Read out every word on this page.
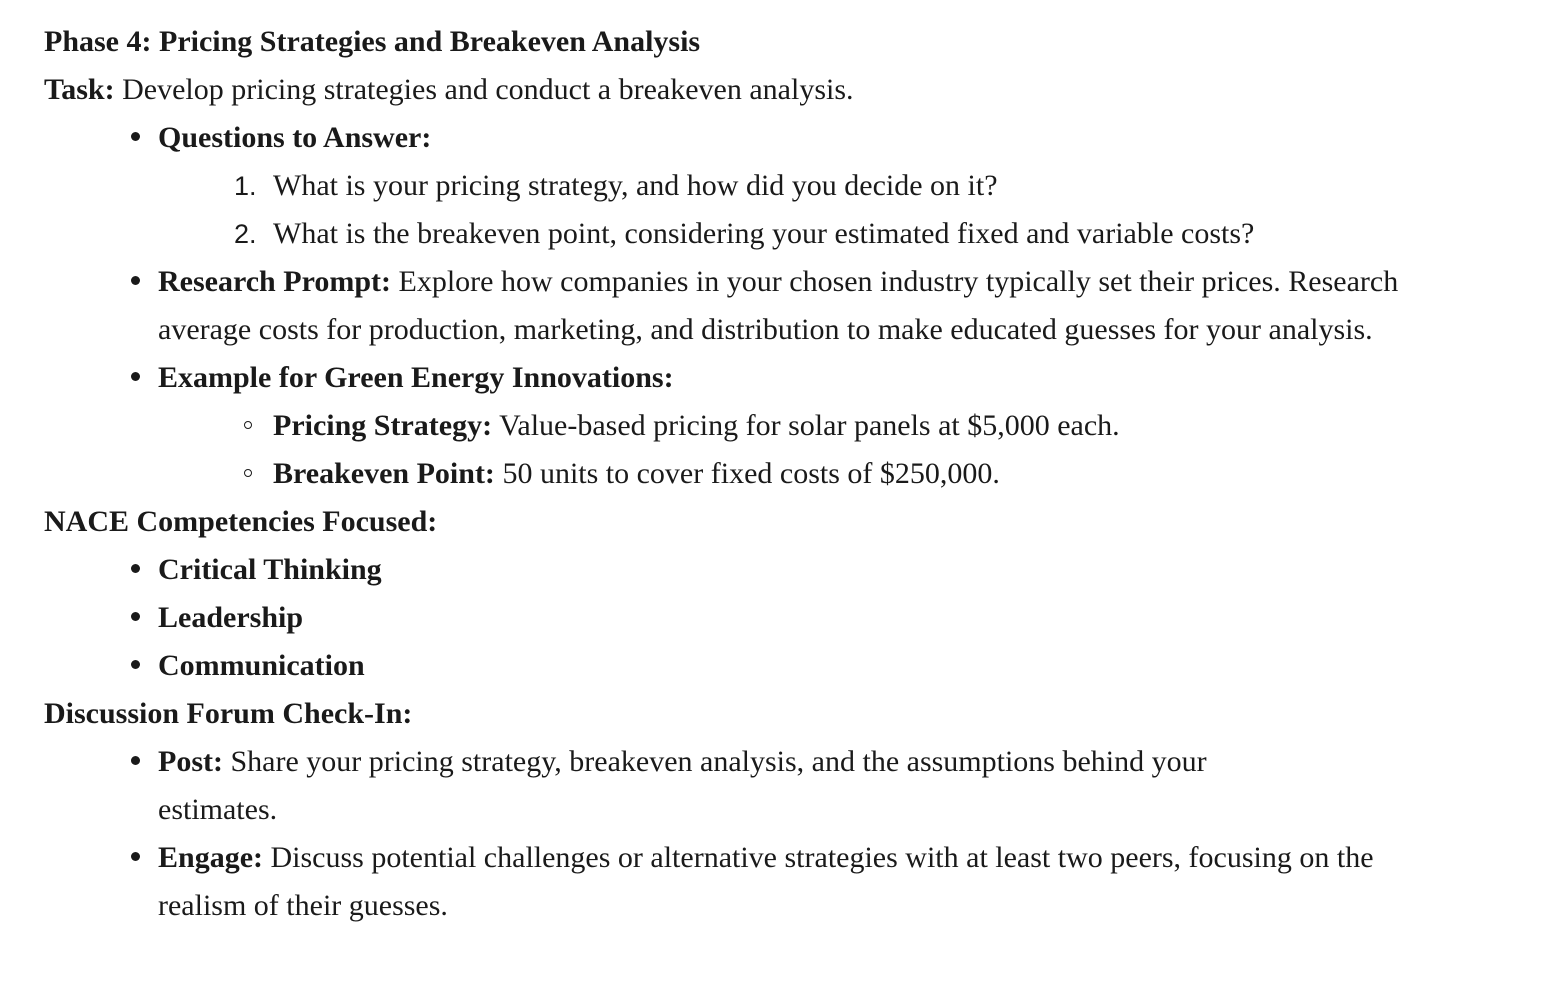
Phase 4: Pricing Strategies and Breakeven Analysis

Task: Develop pricing strategies and conduct a breakeven analysis.

Questions to Answer:
1. What is your pricing strategy, and how did you decide on it?
2. What is the breakeven point, considering your estimated fixed and variable costs?
Research Prompt: Explore how companies in your chosen industry typically set their prices. Research average costs for production, marketing, and distribution to make educated guesses for your analysis.
Example for Green Energy Innovations:
Pricing Strategy: Value-based pricing for solar panels at $5,000 each.
Breakeven Point: 50 units to cover fixed costs of $250,000.

NACE Competencies Focused:

Critical Thinking
Leadership
Communication

Discussion Forum Check-In:

Post: Share your pricing strategy, breakeven analysis, and the assumptions behind your estimates.
Engage: Discuss potential challenges or alternative strategies with at least two peers, focusing on the realism of their guesses.
